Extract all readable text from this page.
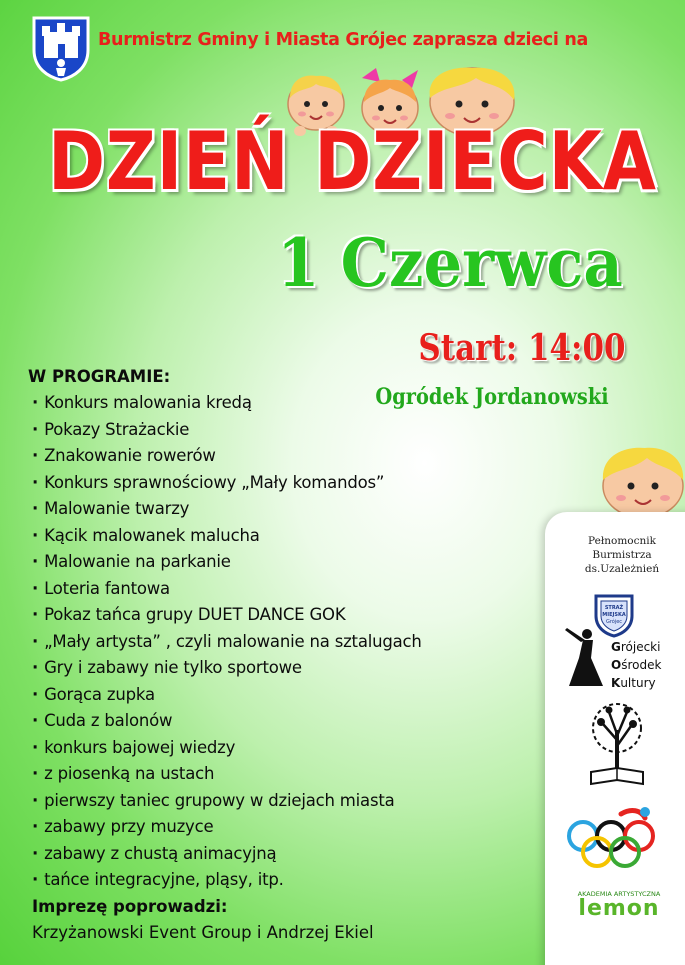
Burmistrz Gminy i Miasta Grójec zaprasza dzieci na
DZIEŃ DZIECKA
1 Czerwca
Start: 14:00
Ogródek Jordanowski
W PROGRAMIE:
· Konkurs malowania kredą
· Pokazy Strażackie
· Znakowanie rowerów
· Konkurs sprawnościowy „Mały komandos”
· Malowanie twarzy
· Kącik malowanek malucha
· Malowanie na parkanie
· Loteria fantowa
· Pokaz tańca grupy DUET DANCE GOK
· „Mały artysta” , czyli malowanie na sztalugach
· Gry i zabawy nie tylko sportowe
· Gorąca zupka
· Cuda z balonów
· konkurs bajowej wiedzy
· z piosenką na ustach
· pierwszy taniec grupowy w dziejach miasta
· zabawy przy muzyce
· zabawy z chustą animacyjną
· tańce integracyjne, pląsy, itp.
Imprezę poprowadzi:
Krzyżanowski Event Group i Andrzej Ekiel
Pełnomocnik
Burmistrza
ds.Uzależnień
STRAŻ
MIEJSKA
Grójec
Grójecki
Ośrodek
Kultury
AKADEMIA ARTYSTYCZNA
lemon
